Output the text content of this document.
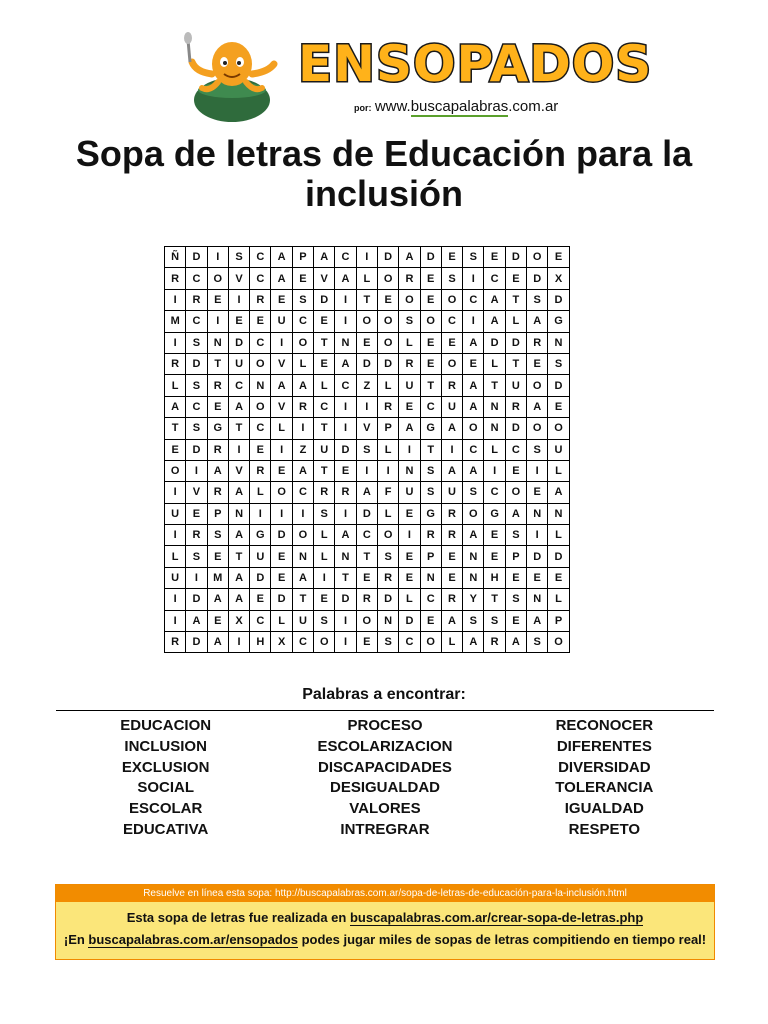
ENSOPADOS
por: www.buscapalabras.com.ar
Sopa de letras de Educación para la inclusión
Ñ	D	I	S	C	A	P	A	C	I	D	A	D	E	S	E	D	O	E
R	C	O	V	C	A	E	V	A	L	O	R	E	S	I	C	E	D	X
I	R	E	I	R	E	S	D	I	T	E	O	E	O	C	A	T	S	D
M	C	I	E	E	U	C	E	I	O	O	S	O	C	I	A	L	A	G
I	S	N	D	C	I	O	T	N	E	O	L	E	E	A	D	D	R	N
R	D	T	U	O	V	L	E	A	D	D	R	E	O	E	L	T	E	S
L	S	R	C	N	A	A	L	C	Z	L	U	T	R	A	T	U	O	D
A	C	E	A	O	V	R	C	I	I	R	E	C	U	A	N	R	A	E
T	S	G	T	C	L	I	T	I	V	P	A	G	A	O	N	D	O	O
E	D	R	I	E	I	Z	U	D	S	L	I	T	I	C	L	C	S	U
O	I	A	V	R	E	A	T	E	I	I	N	S	A	A	I	E	I	L
I	V	R	A	L	O	C	R	R	A	F	U	S	U	S	C	O	E	A
U	E	P	N	I	I	I	S	I	D	L	E	G	R	O	G	A	N	N
I	R	S	A	G	D	O	L	A	C	O	I	R	R	A	E	S	I	L
L	S	E	T	U	E	N	L	N	T	S	E	P	E	N	E	P	D	D
U	I	M	A	D	E	A	I	T	E	R	E	N	E	N	H	E	E	E
I	D	A	A	E	D	T	E	D	R	D	L	C	R	Y	T	S	N	L
I	A	E	X	C	L	U	S	I	O	N	D	E	A	S	S	E	A	P
R	D	A	I	H	X	C	O	I	E	S	C	O	L	A	R	A	S	O
Palabras a encontrar:
EDUCACION
INCLUSION
EXCLUSION
SOCIAL
ESCOLAR
EDUCATIVA
PROCESO
ESCOLARIZACION
DISCAPACIDADES
DESIGUALDAD
VALORES
INTREGRAR
RECONOCER
DIFERENTES
DIVERSIDAD
TOLERANCIA
IGUALDAD
RESPETO
Resuelve en línea esta sopa: http://buscapalabras.com.ar/sopa-de-letras-de-educación-para-la-inclusión.html
Esta sopa de letras fue realizada en buscapalabras.com.ar/crear-sopa-de-letras.php
¡En buscapalabras.com.ar/ensopados podes jugar miles de sopas de letras compitiendo en tiempo real!
